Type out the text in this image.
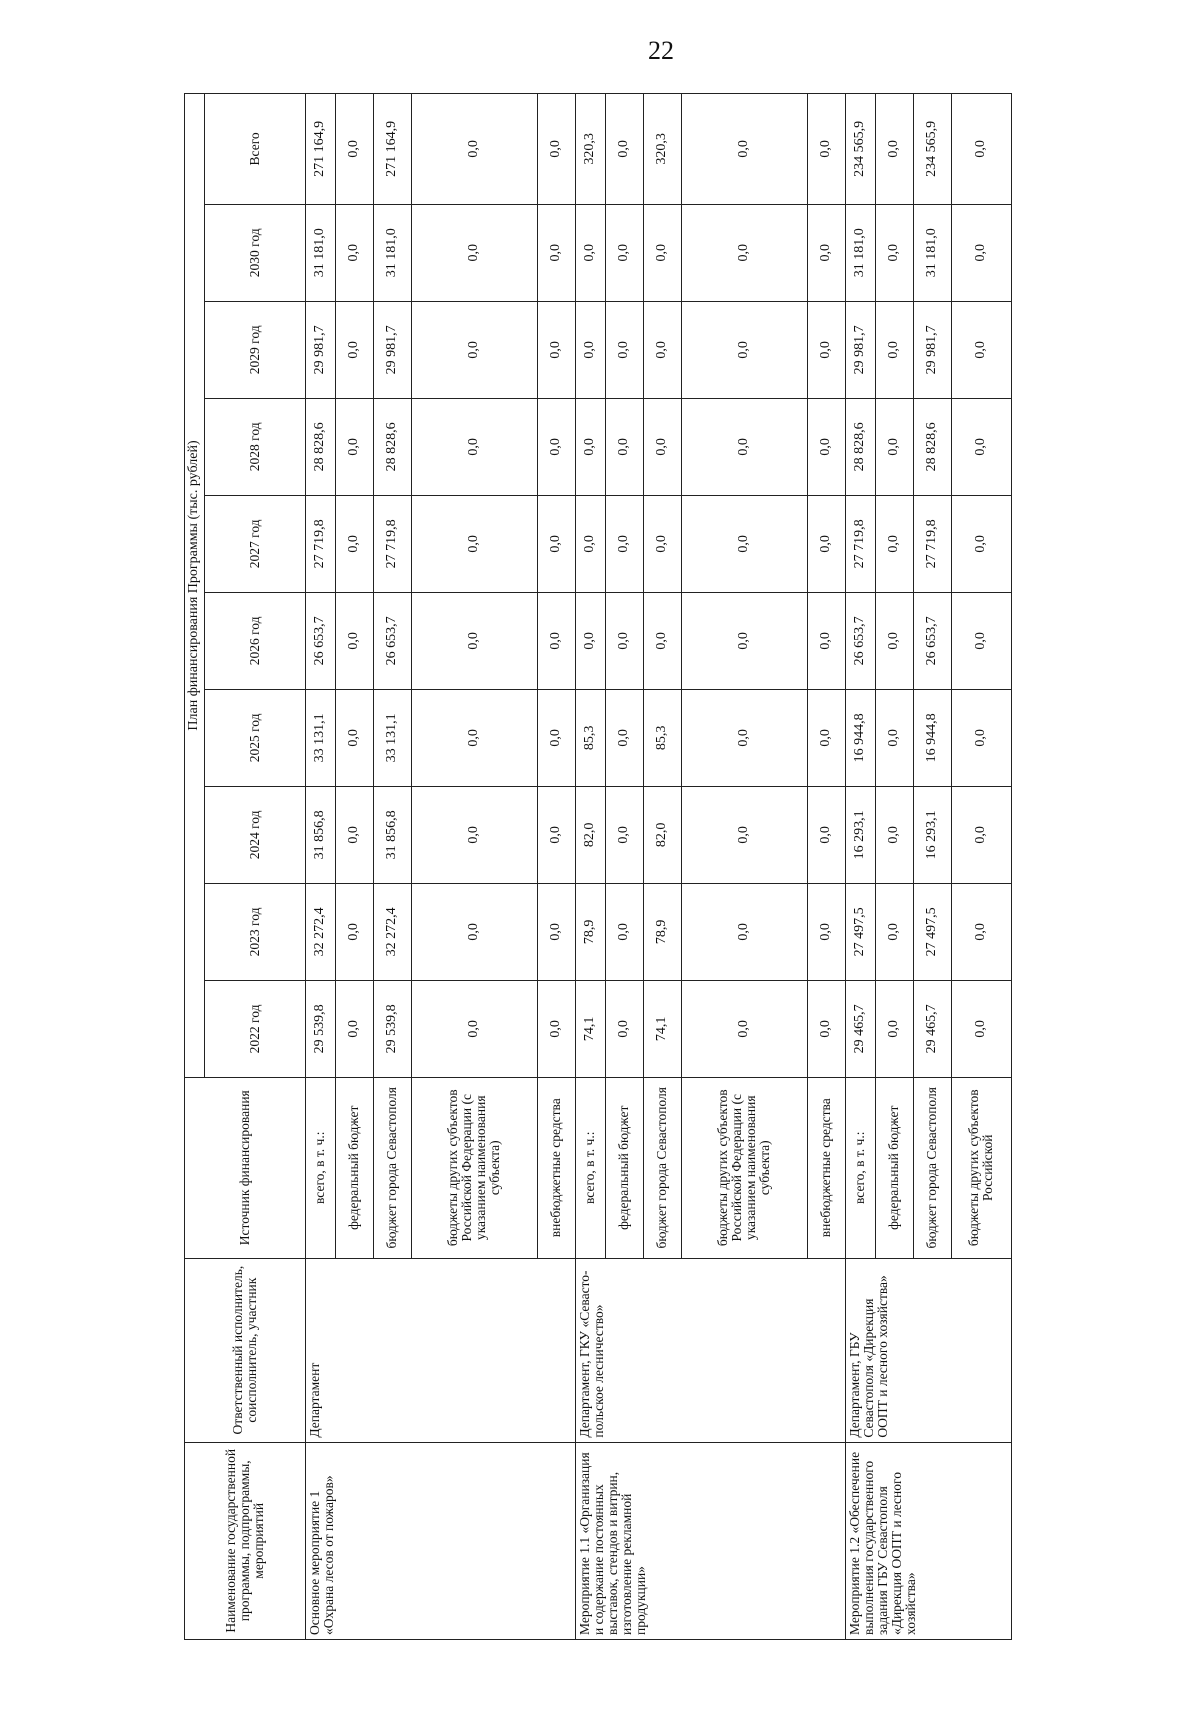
22
Наименование государственной программы, подпрограммы, мероприятий	Ответственный исполнитель, соисполнитель, участник	Источник финансирования	План финансирования Программы (тыс. рублей)									
			2022 год	2023 год	2024 год	2025 год	2026 год	2027 год	2028 год	2029 год	2030 год	Всего
Основное мероприятие 1 «Охрана лесов от пожаров»	Департамент	всего, в т. ч.:	29 539,8	32 272,4	31 856,8	33 131,1	26 653,7	27 719,8	28 828,6	29 981,7	31 181,0	271 164,9
		федеральный бюджет	0,0	0,0	0,0	0,0	0,0	0,0	0,0	0,0	0,0	0,0
		бюджет города Севастополя	29 539,8	32 272,4	31 856,8	33 131,1	26 653,7	27 719,8	28 828,6	29 981,7	31 181,0	271 164,9
		бюджеты других субъектов Российской Федерации (с указанием наименования субъекта)	0,0	0,0	0,0	0,0	0,0	0,0	0,0	0,0	0,0	0,0
		внебюджетные средства	0,0	0,0	0,0	0,0	0,0	0,0	0,0	0,0	0,0	0,0
Мероприятие 1.1 «Организация и содержание постоянных выставок, стендов и витрин, изготовление рекламной продукции»	Департамент, ГКУ «Севасто-польское лесничество»	всего, в т. ч.:	74,1	78,9	82,0	85,3	0,0	0,0	0,0	0,0	0,0	320,3
		федеральный бюджет	0,0	0,0	0,0	0,0	0,0	0,0	0,0	0,0	0,0	0,0
		бюджет города Севастополя	74,1	78,9	82,0	85,3	0,0	0,0	0,0	0,0	0,0	320,3
		бюджеты других субъектов Российской Федерации (с указанием наименования субъекта)	0,0	0,0	0,0	0,0	0,0	0,0	0,0	0,0	0,0	0,0
		внебюджетные средства	0,0	0,0	0,0	0,0	0,0	0,0	0,0	0,0	0,0	0,0
Мероприятие 1.2 «Обеспечение выполнения государственного задания ГБУ Севастополя «Дирекция ООПТ и лесного хозяйства»	Департамент, ГБУ Севастополя «Дирекция ООПТ и лесного хозяйства»	всего, в т. ч.:	29 465,7	27 497,5	16 293,1	16 944,8	26 653,7	27 719,8	28 828,6	29 981,7	31 181,0	234 565,9
		федеральный бюджет	0,0	0,0	0,0	0,0	0,0	0,0	0,0	0,0	0,0	0,0
		бюджет города Севастополя	29 465,7	27 497,5	16 293,1	16 944,8	26 653,7	27 719,8	28 828,6	29 981,7	31 181,0	234 565,9
		бюджеты других субъектов Российской	0,0	0,0	0,0	0,0	0,0	0,0	0,0	0,0	0,0	0,0
